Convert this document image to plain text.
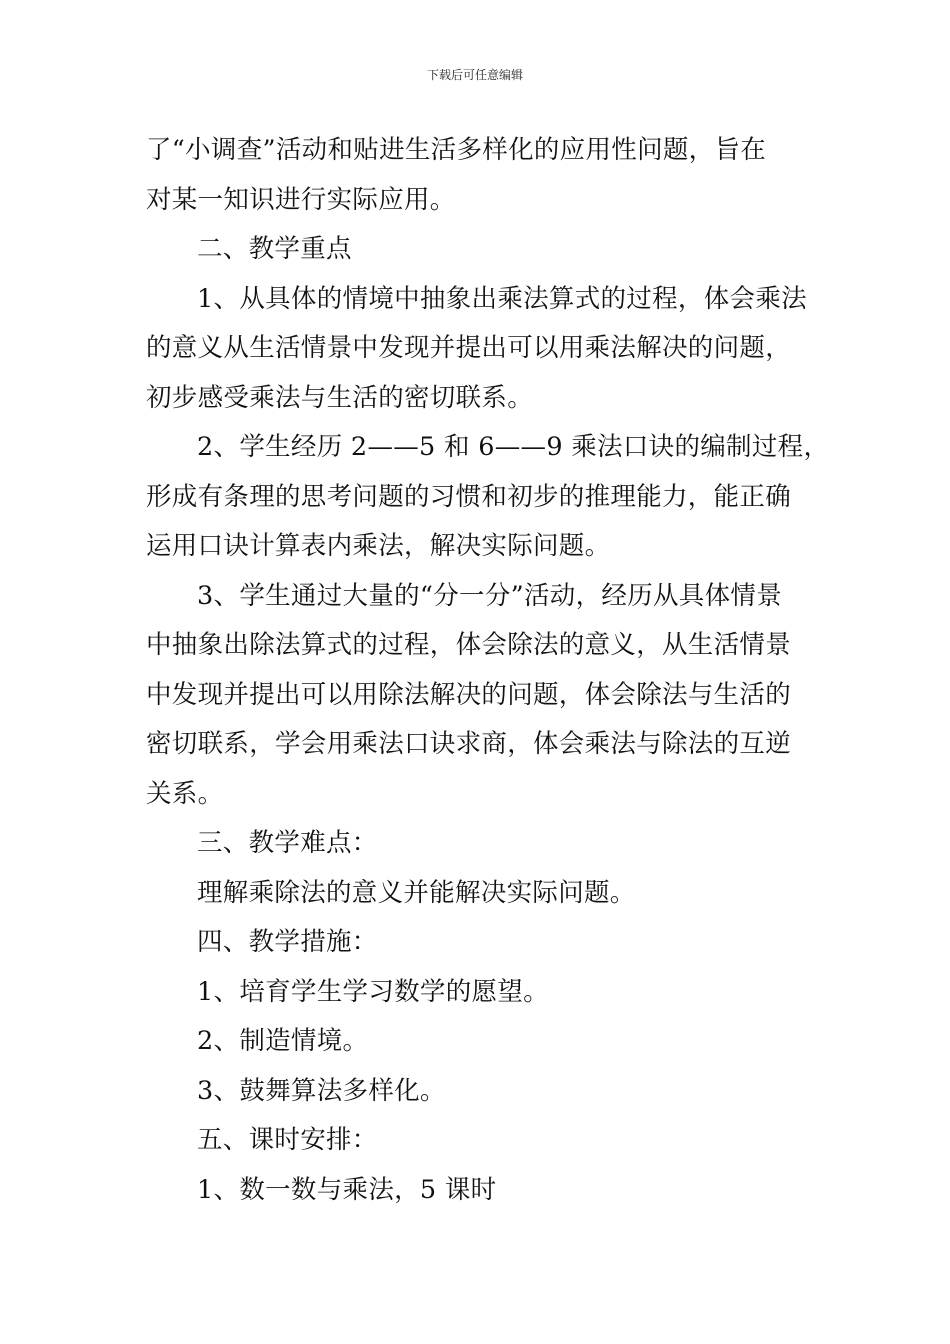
下载后可任意编辑

了“小调查”活动和贴进生活多样化的应用性问题，旨在

对某一知识进行实际应用。

二、教学重点

1、从具体的情境中抽象出乘法算式的过程，体会乘法

的意义从生活情景中发现并提出可以用乘法解决的问题，

初步感受乘法与生活的密切联系。

2、学生经历 2——5 和 6——9 乘法口诀的编制过程，

形成有条理的思考问题的习惯和初步的推理能力，能正确

运用口诀计算表内乘法，解决实际问题。

3、学生通过大量的“分一分”活动，经历从具体情景

中抽象出除法算式的过程，体会除法的意义，从生活情景

中发现并提出可以用除法解决的问题，体会除法与生活的

密切联系，学会用乘法口诀求商，体会乘法与除法的互逆

关系。

三、教学难点：

理解乘除法的意义并能解决实际问题。

四、教学措施：

1、培育学生学习数学的愿望。

2、制造情境。

3、鼓舞算法多样化。

五、课时安排：

1、数一数与乘法，5 课时
